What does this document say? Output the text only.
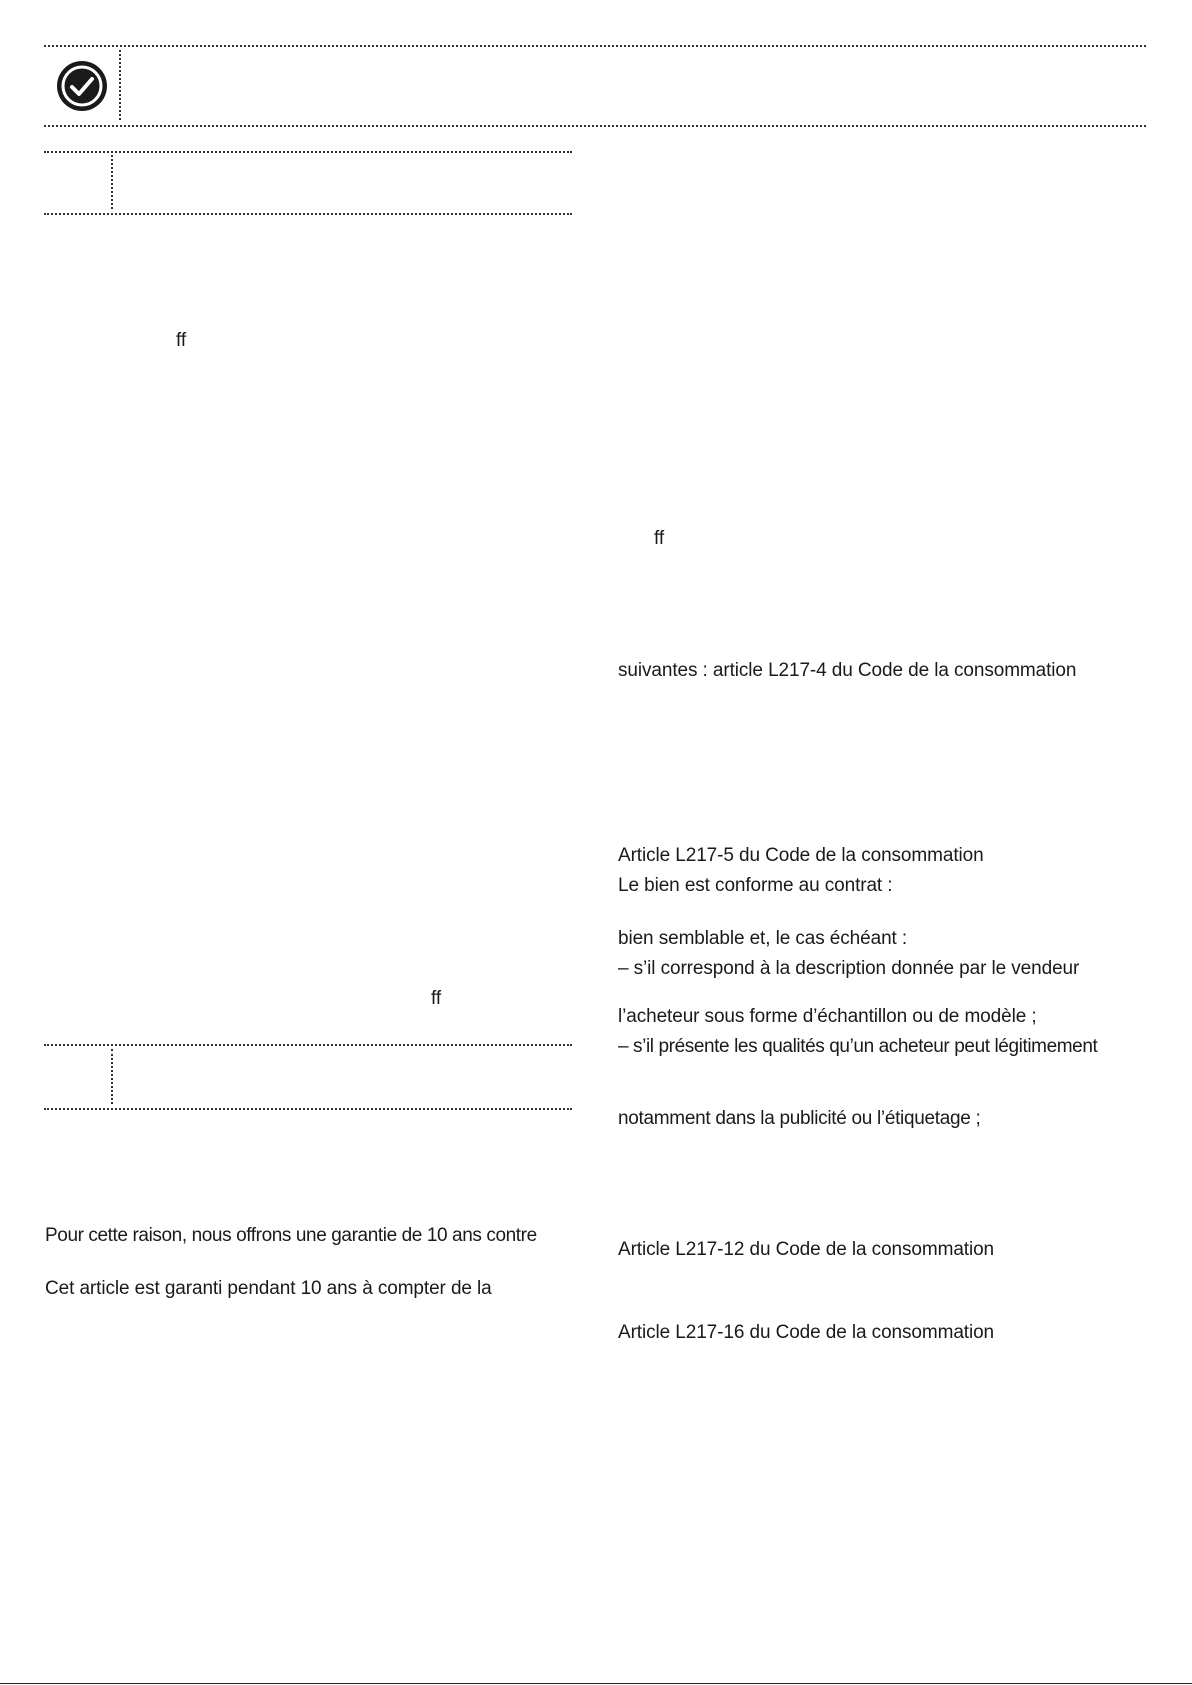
ff
ff
ff
Pour cette raison, nous offrons une garantie de 10 ans contre
Cet article est garanti pendant 10 ans à compter de la
suivantes : article L217-4 du Code de la consommation
Article L217-5 du Code de la consommation
Le bien est conforme au contrat :
bien semblable et, le cas échéant :
– s’il correspond à la description donnée par le vendeur
l’acheteur sous forme d’échantillon ou de modèle ;
– s’il présente les qualités qu’un acheteur peut légitimement
notamment dans la publicité ou l’étiquetage ;
Article L217-12 du Code de la consommation
Article L217-16 du Code de la consommation
